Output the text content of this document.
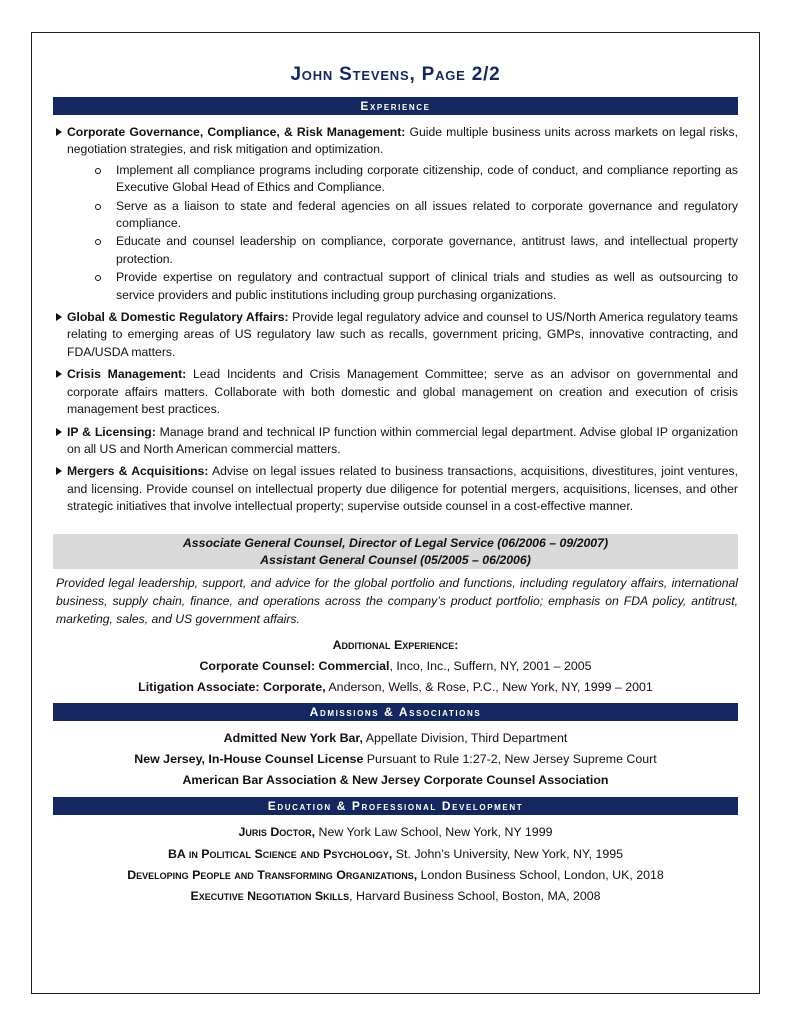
John Stevens, Page 2/2
Experience
Corporate Governance, Compliance, & Risk Management: Guide multiple business units across markets on legal risks, negotiation strategies, and risk mitigation and optimization.
Implement all compliance programs including corporate citizenship, code of conduct, and compliance reporting as Executive Global Head of Ethics and Compliance.
Serve as a liaison to state and federal agencies on all issues related to corporate governance and regulatory compliance.
Educate and counsel leadership on compliance, corporate governance, antitrust laws, and intellectual property protection.
Provide expertise on regulatory and contractual support of clinical trials and studies as well as outsourcing to service providers and public institutions including group purchasing organizations.
Global & Domestic Regulatory Affairs: Provide legal regulatory advice and counsel to US/North America regulatory teams relating to emerging areas of US regulatory law such as recalls, government pricing, GMPs, innovative contracting, and FDA/USDA matters.
Crisis Management: Lead Incidents and Crisis Management Committee; serve as an advisor on governmental and corporate affairs matters. Collaborate with both domestic and global management on creation and execution of crisis management best practices.
IP & Licensing: Manage brand and technical IP function within commercial legal department. Advise global IP organization on all US and North American commercial matters.
Mergers & Acquisitions: Advise on legal issues related to business transactions, acquisitions, divestitures, joint ventures, and licensing. Provide counsel on intellectual property due diligence for potential mergers, acquisitions, licenses, and other strategic initiatives that involve intellectual property; supervise outside counsel in a cost-effective manner.
Associate General Counsel, Director of Legal Service (06/2006 – 09/2007)
Assistant General Counsel (05/2005 – 06/2006)
Provided legal leadership, support, and advice for the global portfolio and functions, including regulatory affairs, international business, supply chain, finance, and operations across the company’s product portfolio; emphasis on FDA policy, antitrust, marketing, sales, and US government affairs.
Additional Experience:
Corporate Counsel: Commercial, Inco, Inc., Suffern, NY, 2001 – 2005
Litigation Associate: Corporate, Anderson, Wells, & Rose, P.C., New York, NY, 1999 – 2001
Admissions & Associations
Admitted New York Bar, Appellate Division, Third Department
New Jersey, In-House Counsel License Pursuant to Rule 1:27-2, New Jersey Supreme Court
American Bar Association & New Jersey Corporate Counsel Association
Education & Professional Development
Juris Doctor, New York Law School, New York, NY 1999
BA in Political Science and Psychology, St. John’s University, New York, NY, 1995
Developing People and Transforming Organizations, London Business School, London, UK, 2018
Executive Negotiation Skills, Harvard Business School, Boston, MA, 2008
